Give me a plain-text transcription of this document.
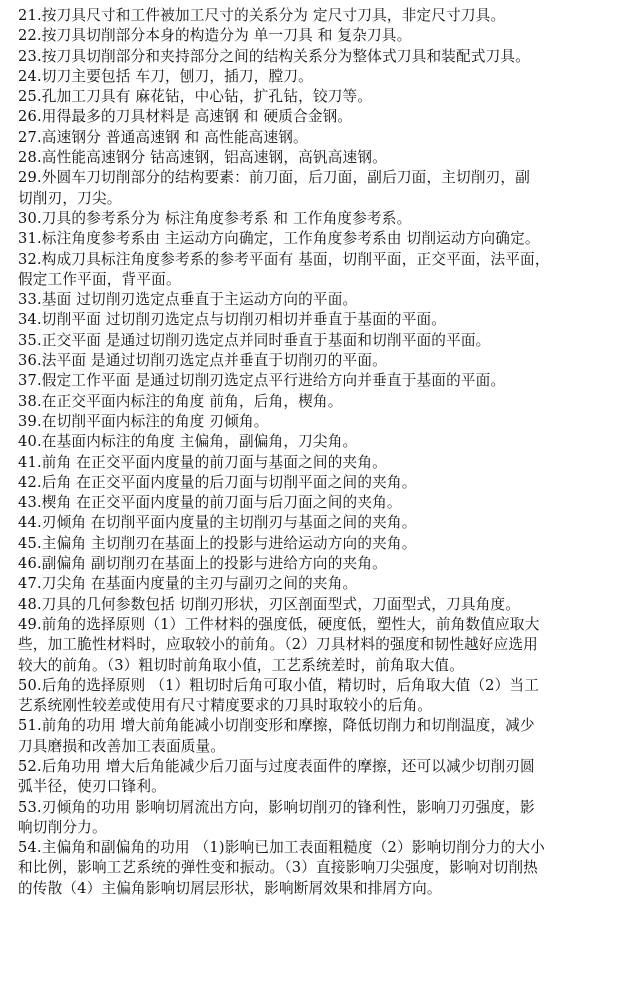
21.按刀具尺寸和工件被加工尺寸的关系分为 定尺寸刀具，非定尺寸刀具。
22.按刀具切削部分本身的构造分为 单一刀具 和 复杂刀具。
23.按刀具切削部分和夹持部分之间的结构关系分为整体式刀具和装配式刀具。
24.切刀主要包括 车刀，刨刀，插刀，膛刀。
25.孔加工刀具有 麻花钻，中心钻，扩孔钻，铰刀等。
26.用得最多的刀具材料是 高速钢 和 硬质合金钢。
27.高速钢分 普通高速钢 和 高性能高速钢。
28.高性能高速钢分 钴高速钢，铝高速钢，高钒高速钢。
29.外圆车刀切削部分的结构要素：前刀面，后刀面，副后刀面，主切削刃，副
切削刃，刀尖。
30.刀具的参考系分为 标注角度参考系 和 工作角度参考系。
31.标注角度参考系由 主运动方向确定，工作角度参考系由 切削运动方向确定。
32.构成刀具标注角度参考系的参考平面有 基面，切削平面，正交平面，法平面，
假定工作平面，背平面。
33.基面 过切削刃选定点垂直于主运动方向的平面。
34.切削平面 过切削刃选定点与切削刃相切并垂直于基面的平面。
35.正交平面 是通过切削刃选定点并同时垂直于基面和切削平面的平面。
36.法平面 是通过切削刃选定点并垂直于切削刃的平面。
37.假定工作平面 是通过切削刃选定点平行进给方向并垂直于基面的平面。
38.在正交平面内标注的角度 前角，后角，楔角。
39.在切削平面内标注的角度 刃倾角。
40.在基面内标注的角度 主偏角，副偏角，刀尖角。
41.前角 在正交平面内度量的前刀面与基面之间的夹角。
42.后角 在正交平面内度量的后刀面与切削平面之间的夹角。
43.楔角 在正交平面内度量的前刀面与后刀面之间的夹角。
44.刃倾角 在切削平面内度量的主切削刃与基面之间的夹角。
45.主偏角 主切削刃在基面上的投影与进给运动方向的夹角。
46.副偏角 副切削刃在基面上的投影与进给方向的夹角。
47.刀尖角 在基面内度量的主刃与副刃之间的夹角。
48.刀具的几何参数包括 切削刃形状，刃区剖面型式，刀面型式，刀具角度。
49.前角的选择原则（1）工件材料的强度低，硬度低，塑性大，前角数值应取大
些，加工脆性材料时，应取较小的前角。（2）刀具材料的强度和韧性越好应选用
较大的前角。（3）粗切时前角取小值，工艺系统差时，前角取大值。
50.后角的选择原则 （1）粗切时后角可取小值，精切时，后角取大值（2）当工
艺系统刚性较差或使用有尺寸精度要求的刀具时取较小的后角。
51.前角的功用 增大前角能减小切削变形和摩擦，降低切削力和切削温度，减少
刀具磨损和改善加工表面质量。
52.后角功用 增大后角能减少后刀面与过度表面件的摩擦，还可以减少切削刃圆
弧半径，使刃口锋利。
53.刃倾角的功用 影响切屑流出方向，影响切削刃的锋利性，影响刀刃强度，影
响切削分力。
54.主偏角和副偏角的功用 （1)影响已加工表面粗糙度（2）影响切削分力的大小
和比例，影响工艺系统的弹性变和振动。（3）直接影响刀尖强度，影响对切削热
的传散（4）主偏角影响切屑层形状，影响断屑效果和排屑方向。
